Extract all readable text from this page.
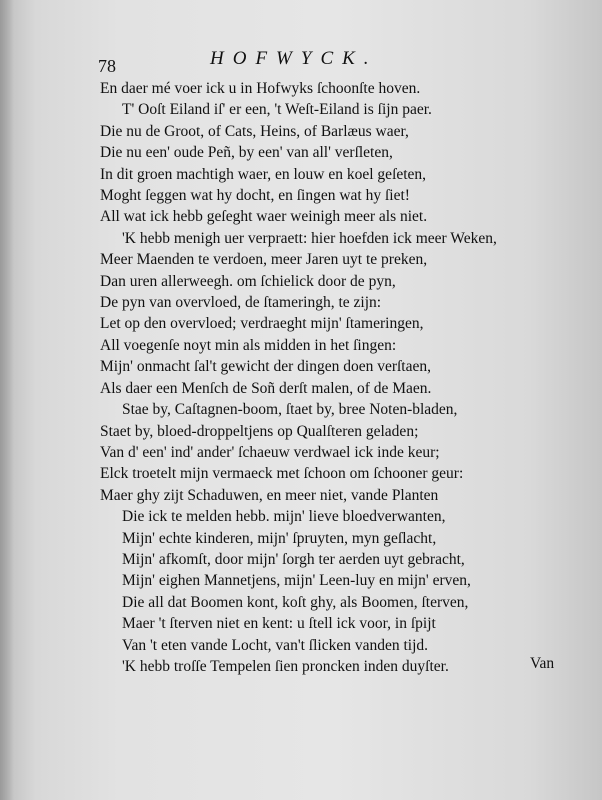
78	HOFWYCK.
En daer mé voer ick u in Hofwyks ſchoonſte hoven.
T' Ooſt Eiland iſ' er een, 't Weſt-Eiland is ſijn paer.
Die nu de Groot, of Cats, Heins, of Barlæus waer,
Die nu een' oude Peñ, by een' van all' verſleten,
In dit groen machtigh waer, en louw en koel geſeten,
Moght ſeggen wat hy docht, en ſingen wat hy ſiet!
All wat ick hebb geſeght waer weinigh meer als niet.
'K hebb menigh uer verpraett: hier hoefden ick meer Weken,
Meer Maenden te verdoen, meer Jaren uyt te preken,
Dan uren allerweegh. om ſchielick door de pyn,
De pyn van overvloed, de ſtameringh, te zijn:
Let op den overvloed; verdraeght mijn' ſtameringen,
All voegenſe noyt min als midden in het ſingen:
Mijn' onmacht ſal't gewicht der dingen doen verſtaen,
Als daer een Menſch de Soñ derſt malen, of de Maen.
Stae by, Caſtagnen-boom, ſtaet by, bree Noten-bladen,
Staet by, bloed-droppeltjens op Qualſteren geladen;
Van d' een' ind' ander' ſchaeuw verdwael ick inde keur;
Elck troetelt mijn vermaeck met ſchoon om ſchooner geur:
Maer ghy zijt Schaduwen, en meer niet, vande Planten
Die ick te melden hebb. mijn' lieve bloedverwanten,
Mijn' echte kinderen, mijn' ſpruyten, myn geſlacht,
Mijn' afkomſt, door mijn' ſorgh ter aerden uyt gebracht,
Mijn' eighen Mannetjens, mijn' Leen-luy en mijn' erven,
Die all dat Boomen kont, koſt ghy, als Boomen, ſterven,
Maer 't ſterven niet en kent: u ſtell ick voor, in ſpijt
Van 't eten vande Locht, van't ſlicken vanden tijd.
'K hebb troſſe Tempelen ſien proncken inden duyſter.	Van
